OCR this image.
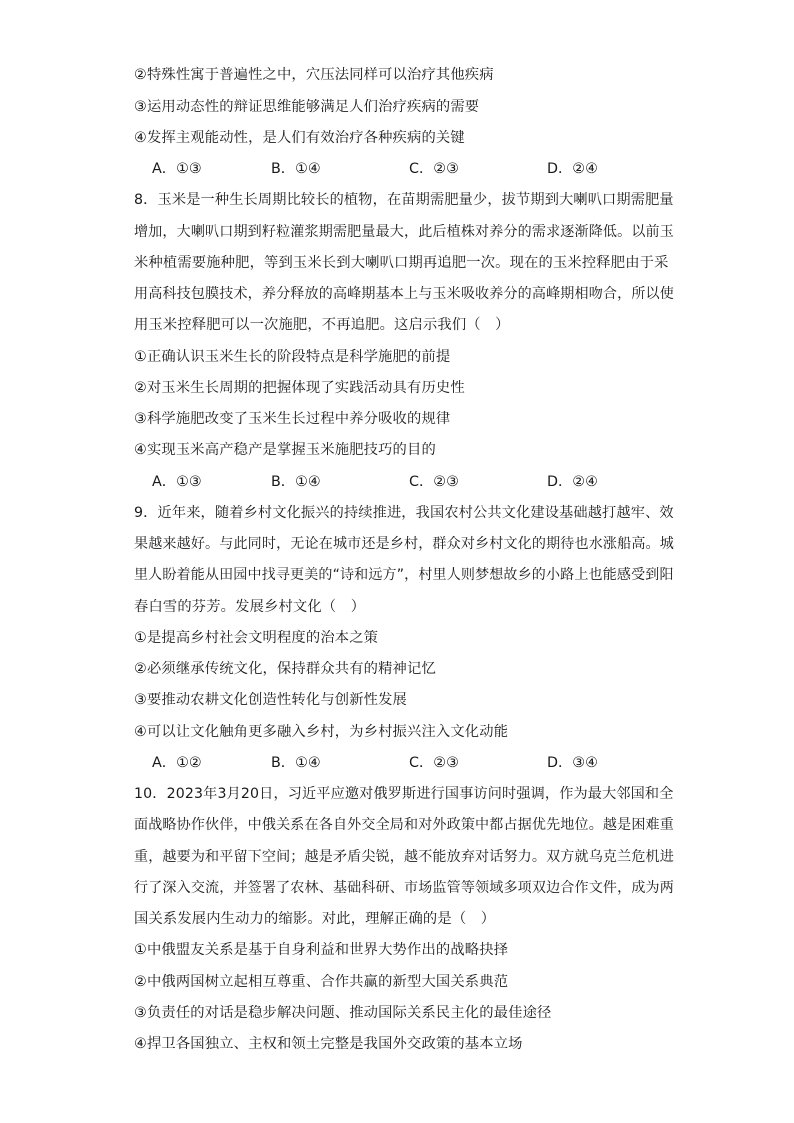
②特殊性寓于普遍性之中，穴压法同样可以治疗其他疾病
③运用动态性的辩证思维能够满足人们治疗疾病的需要
④发挥主观能动性，是人们有效治疗各种疾病的关键
A．①③	B．①④	C．②③	D．②④
8．玉米是一种生长周期比较长的植物，在苗期需肥量少，拔节期到大喇叭口期需肥量
增加，大喇叭口期到籽粒灌浆期需肥量最大，此后植株对养分的需求逐渐降低。以前玉
米种植需要施种肥，等到玉米长到大喇叭口期再追肥一次。现在的玉米控释肥由于采
用高科技包膜技术，养分释放的高峰期基本上与玉米吸收养分的高峰期相吻合，所以使
用玉米控释肥可以一次施肥，不再追肥。这启示我们（　）
①正确认识玉米生长的阶段特点是科学施肥的前提
②对玉米生长周期的把握体现了实践活动具有历史性
③科学施肥改变了玉米生长过程中养分吸收的规律
④实现玉米高产稳产是掌握玉米施肥技巧的目的
A．①③	B．①④	C．②③	D．②④
9．近年来，随着乡村文化振兴的持续推进，我国农村公共文化建设基础越打越牢、效
果越来越好。与此同时，无论在城市还是乡村，群众对乡村文化的期待也水涨船高。城
里人盼着能从田园中找寻更美的“诗和远方”，村里人则梦想故乡的小路上也能感受到阳
春白雪的芬芳。发展乡村文化（　）
①是提高乡村社会文明程度的治本之策
②必须继承传统文化，保持群众共有的精神记忆
③要推动农耕文化创造性转化与创新性发展
④可以让文化触角更多融入乡村，为乡村振兴注入文化动能
A．①②	B．①④	C．②③	D．③④
10．2023年3月20日，习近平应邀对俄罗斯进行国事访问时强调，作为最大邻国和全
面战略协作伙伴，中俄关系在各自外交全局和对外政策中都占据优先地位。越是困难重
重，越要为和平留下空间；越是矛盾尖锐，越不能放弃对话努力。双方就乌克兰危机进
行了深入交流，并签署了农林、基础科研、市场监管等领域多项双边合作文件，成为两
国关系发展内生动力的缩影。对此，理解正确的是（　）
①中俄盟友关系是基于自身利益和世界大势作出的战略抉择
②中俄两国树立起相互尊重、合作共赢的新型大国关系典范
③负责任的对话是稳步解决问题、推动国际关系民主化的最佳途径
④捍卫各国独立、主权和领土完整是我国外交政策的基本立场
